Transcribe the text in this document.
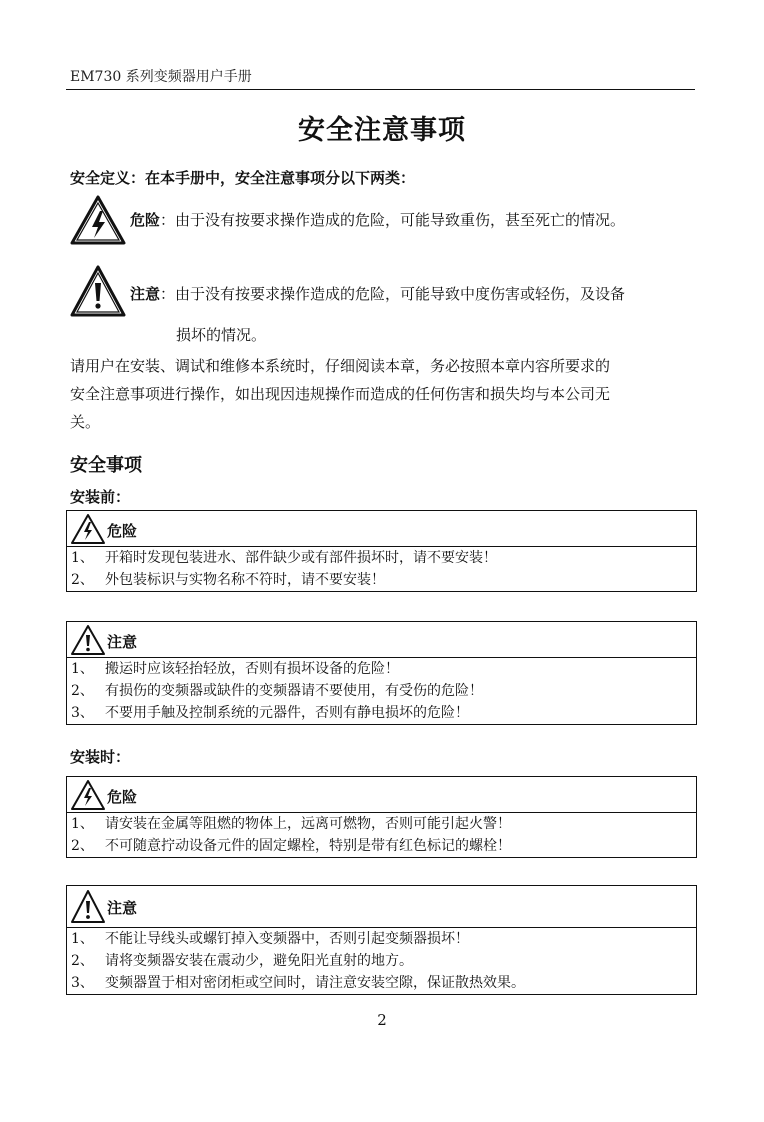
EM730 系列变频器用户手册
安全注意事项
安全定义：在本手册中，安全注意事项分以下两类：
危险：由于没有按要求操作造成的危险，可能导致重伤，甚至死亡的情况。
注意：由于没有按要求操作造成的危险，可能导致中度伤害或轻伤，及设备
损坏的情况。
请用户在安装、调试和维修本系统时，仔细阅读本章，务必按照本章内容所要求的
安全注意事项进行操作，如出现因违规操作而造成的任何伤害和损失均与本公司无
关。
安全事项
安装前：
危险
1、 开箱时发现包装进水、部件缺少或有部件损坏时，请不要安装！
2、 外包装标识与实物名称不符时，请不要安装！
注意
1、 搬运时应该轻抬轻放，否则有损坏设备的危险！
2、 有损伤的变频器或缺件的变频器请不要使用，有受伤的危险！
3、 不要用手触及控制系统的元器件，否则有静电损坏的危险！
安装时：
危险
1、 请安装在金属等阻燃的物体上，远离可燃物，否则可能引起火警！
2、 不可随意拧动设备元件的固定螺栓，特别是带有红色标记的螺栓！
注意
1、 不能让导线头或螺钉掉入变频器中，否则引起变频器损坏！
2、 请将变频器安装在震动少，避免阳光直射的地方。
3、 变频器置于相对密闭柜或空间时，请注意安装空隙，保证散热效果。
2
